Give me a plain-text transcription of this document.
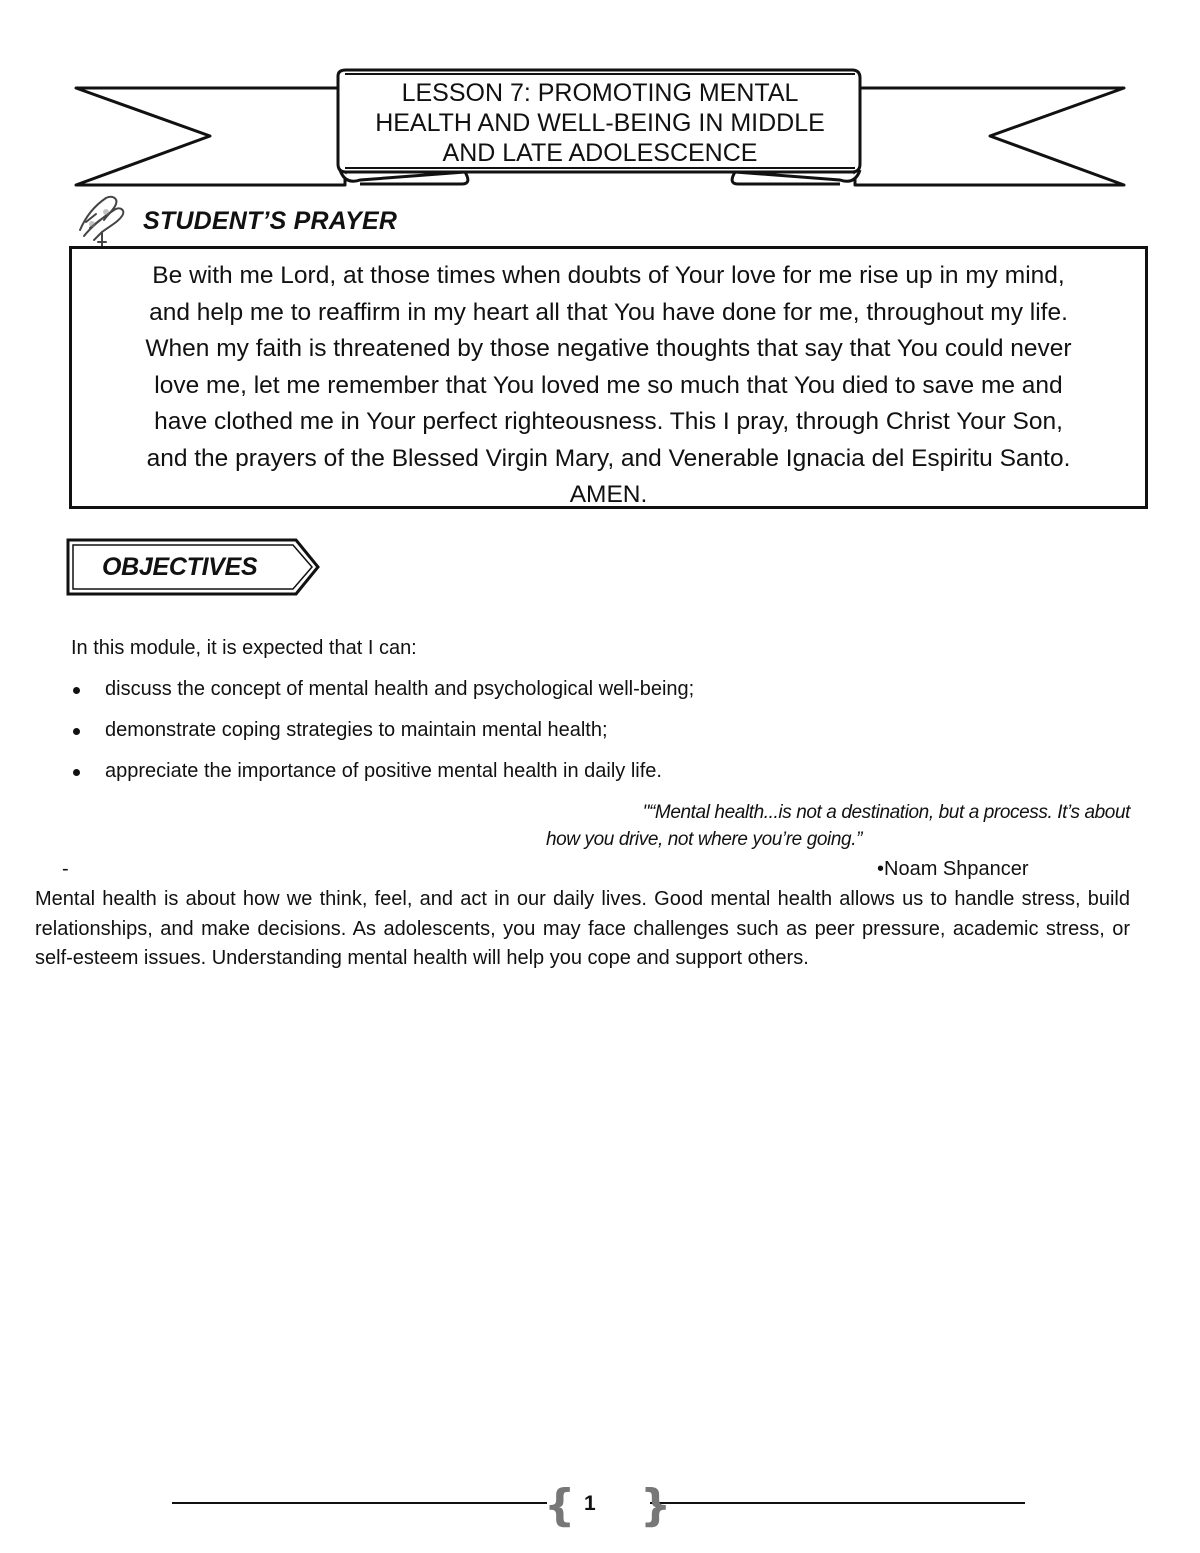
LESSON 7: PROMOTING MENTAL
HEALTH AND WELL-BEING IN MIDDLE
AND LATE ADOLESCENCE
STUDENT’S PRAYER
Be with me Lord, at those times when doubts of Your love for me rise up in my mind,
and help me to reaffirm in my heart all that You have done for me, throughout my life.
When my faith is threatened by those negative thoughts that say that You could never
love me, let me remember that You loved me so much that You died to save me and
have clothed me in Your perfect righteousness. This I pray, through Christ Your Son,
and the prayers of the Blessed Virgin Mary, and Venerable Ignacia del Espiritu Santo.
AMEN.
OBJECTIVES
In this module, it is expected that I can:
discuss the concept of mental health and psychological well-being;
demonstrate coping strategies to maintain mental health;
appreciate the importance of positive mental health in daily life.
"“Mental health...is not a destination, but a process. It’s about
how you drive, not where you’re going.”
-	•Noam Shpancer
Mental health is about how we think, feel, and act in our daily lives. Good mental health allows us to handle stress, build relationships, and make decisions. As adolescents, you may face challenges such as peer pressure, academic stress, or self-esteem issues. Understanding mental health will help you cope and support others.
{ }
1
